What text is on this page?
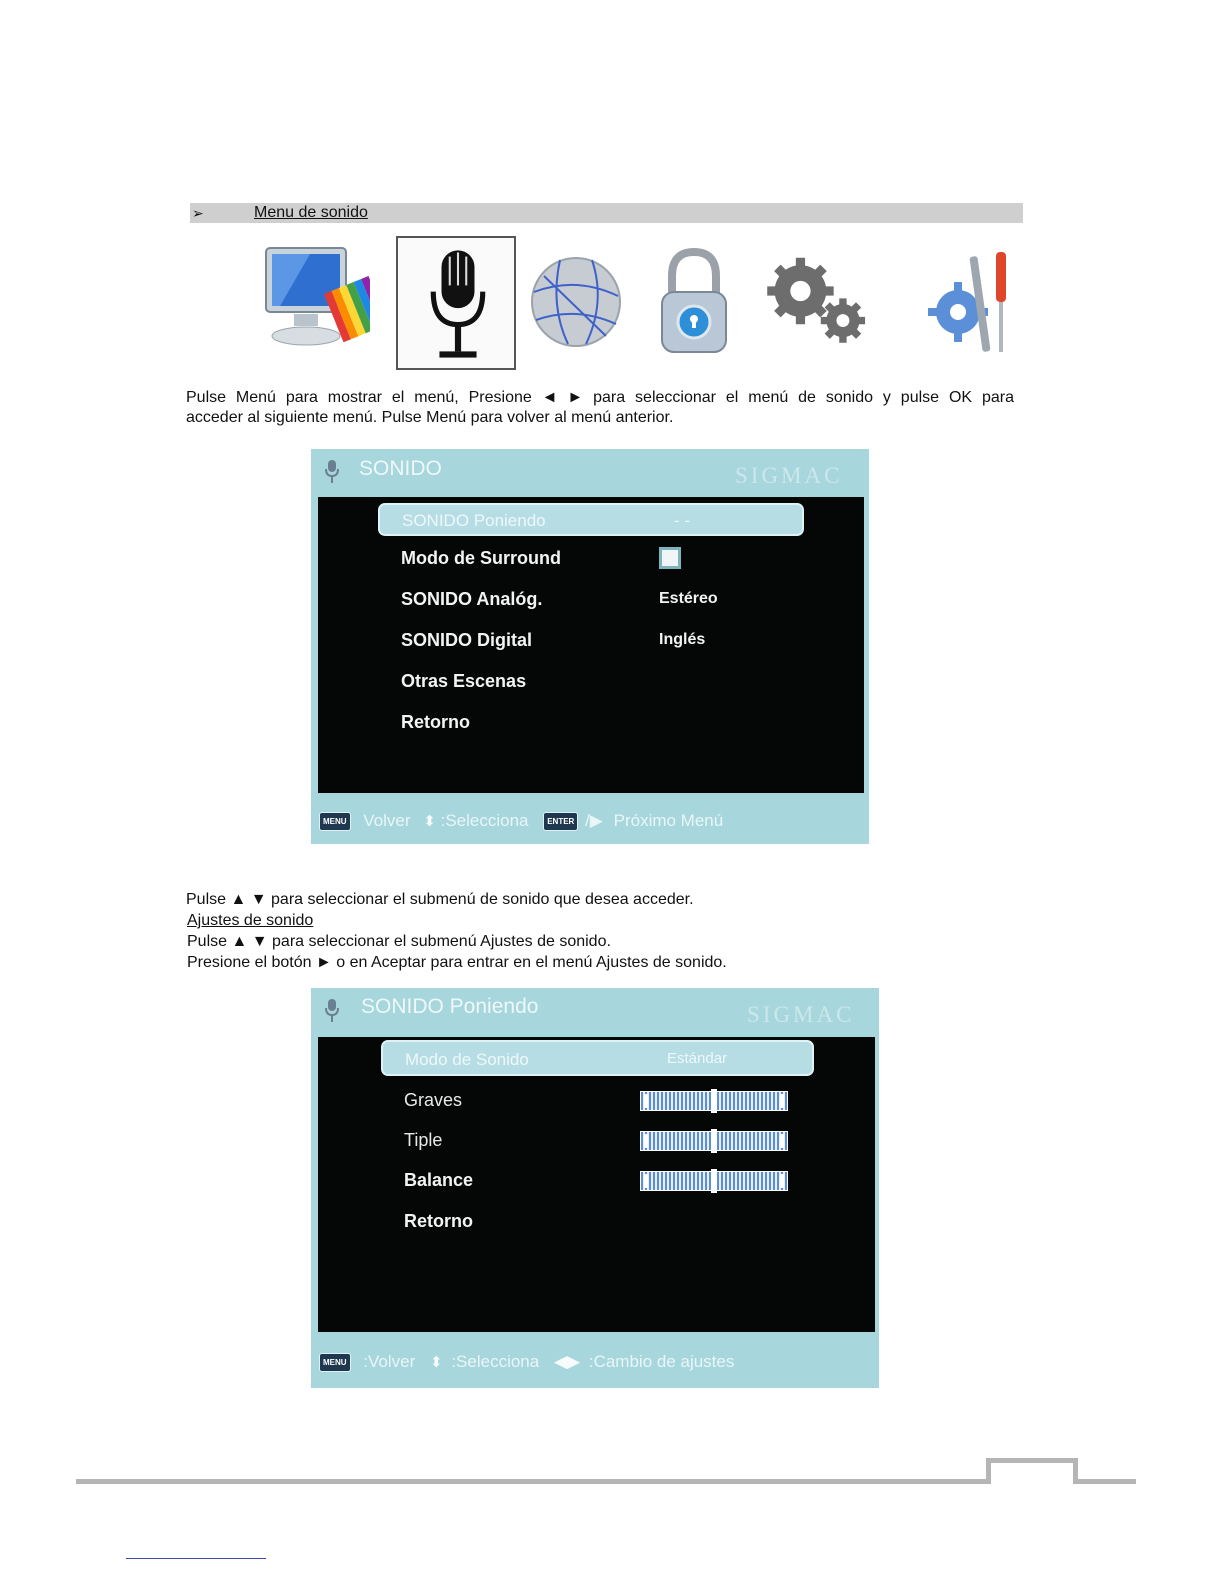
➢	Menu de sonido
Pulse Menú para mostrar el menú, Presione ◄ ► para seleccionar el menú de sonido y pulse OK para
acceder al siguiente menú. Pulse Menú para volver al menú anterior.
SONIDO	SIGMAC
SONIDO Poniendo	- -
Modo de Surround
SONIDO Analóg.	Estéreo
SONIDO Digital	Inglés
Otras Escenas
Retorno
MENU Volver ⬍ :Selecciona ENTER /▶ Próximo Menú
Pulse ▲ ▼ para seleccionar el submenú de sonido que desea acceder.
Ajustes de sonido
Pulse ▲ ▼ para seleccionar el submenú Ajustes de sonido.
Presione el botón ► o en Aceptar para entrar en el menú Ajustes de sonido.
SONIDO Poniendo	SIGMAC
Modo de Sonido	Estándar
Graves
Tiple
Balance
Retorno
MENU :Volver ⬍ :Selecciona ◀▶ :Cambio de ajustes
